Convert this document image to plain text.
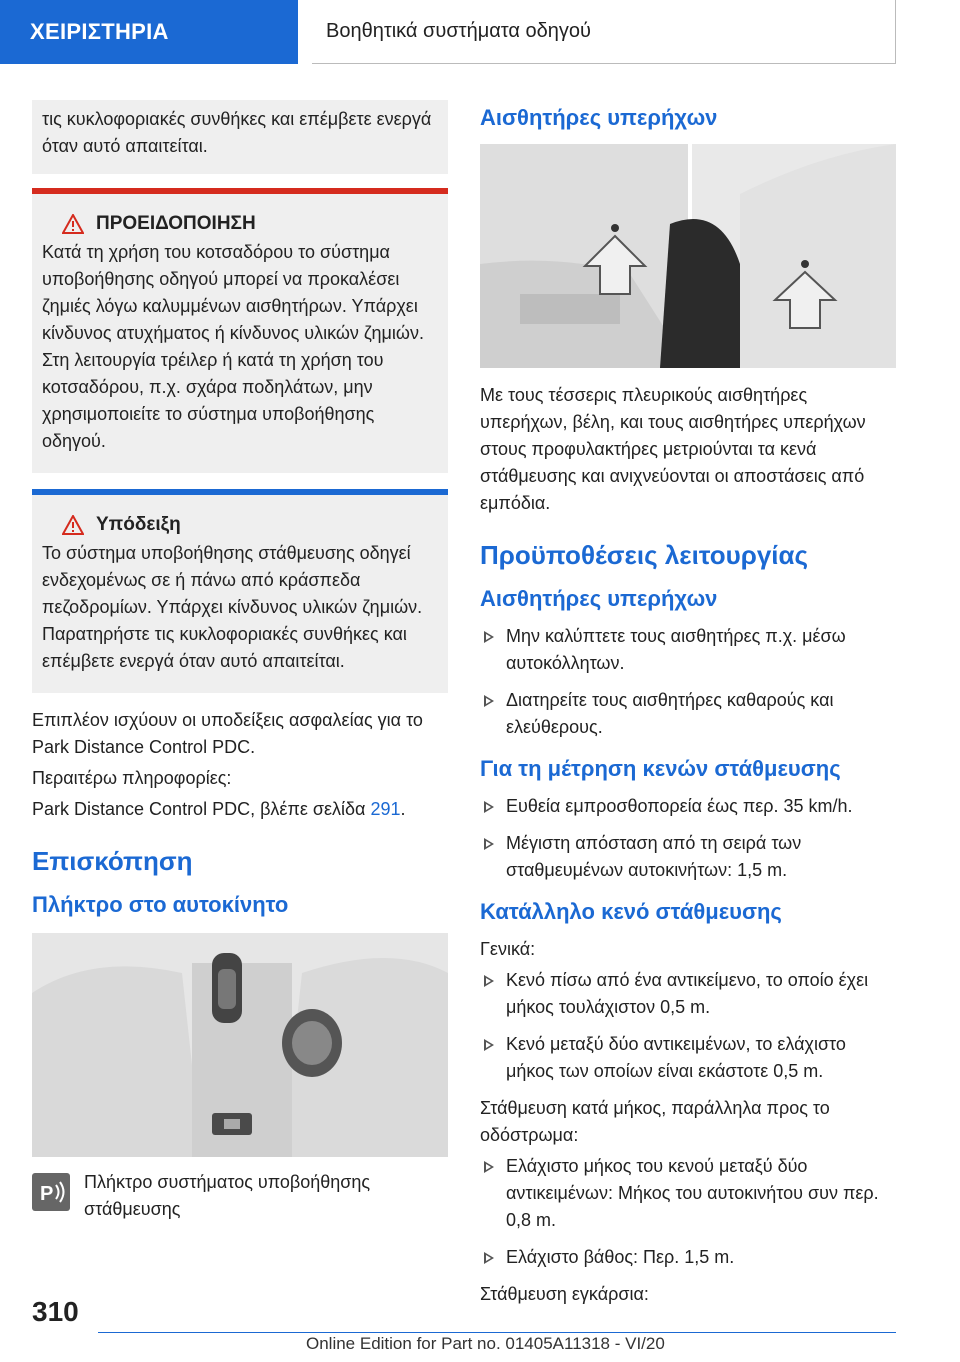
ΧΕΙΡΙΣΤΗΡΙΑ	Βοηθητικά συστήματα οδηγού

τις κυκλοφοριακές συνθήκες και επέμβετε ενεργά όταν αυτό απαιτείται.

ΠΡΟΕΙΔΟΠΟΙΗΣΗ

Κατά τη χρήση του κοτσαδόρου το σύστημα υποβοήθησης οδηγού μπορεί να προκαλέσει ζημιές λόγω καλυμμένων αισθητήρων. Υπάρχει κίνδυνος ατυχήματος ή κίνδυνος υλικών ζημιών. Στη λειτουργία τρέιλερ ή κατά τη χρήση του κοτσαδόρου, π.χ. σχάρα ποδηλάτων, μην χρησιμοποιείτε το σύστημα υποβοήθησης οδηγού.

Υπόδειξη

Το σύστημα υποβοήθησης στάθμευσης οδηγεί ενδεχομένως σε ή πάνω από κράσπεδα πεζοδρομίων. Υπάρχει κίνδυνος υλικών ζημιών. Παρατηρήστε τις κυκλοφοριακές συνθήκες και επέμβετε ενεργά όταν αυτό απαιτείται.

Επιπλέον ισχύουν οι υποδείξεις ασφαλείας για το Park Distance Control PDC.

Περαιτέρω πληροφορίες:

Park Distance Control PDC, βλέπε σελίδα 291.

Επισκόπηση
Πλήκτρο στο αυτοκίνητο
P

Πλήκτρο συστήματος υποβοήθησης στάθμευσης

Αισθητήρες υπερήχων

Με τους τέσσερις πλευρικούς αισθητήρες υπερήχων, βέλη, και τους αισθητήρες υπερήχων στους προφυλακτήρες μετριούνται τα κενά στάθμευσης και ανιχνεύονται οι αποστάσεις από εμπόδια.

Προϋποθέσεις λειτουργίας
Αισθητήρες υπερήχων
Μην καλύπτετε τους αισθητήρες π.χ. μέσω αυτοκόλλητων.
Διατηρείτε τους αισθητήρες καθαρούς και ελεύθερους.
Για τη μέτρηση κενών στάθμευσης
Ευθεία εμπροσθοπορεία έως περ. 35 km/h.
Μέγιστη απόσταση από τη σειρά των σταθμευμένων αυτοκινήτων: 1,5 m.
Κατάλληλο κενό στάθμευσης

Γενικά:

Κενό πίσω από ένα αντικείμενο, το οποίο έχει μήκος τουλάχιστον 0,5 m.
Κενό μεταξύ δύο αντικειμένων, το ελάχιστο μήκος των οποίων είναι εκάστοτε 0,5 m.

Στάθμευση κατά μήκος, παράλληλα προς το οδόστρωμα:

Ελάχιστο μήκος του κενού μεταξύ δύο αντικειμένων: Μήκος του αυτοκινήτου συν περ. 0,8 m.
Ελάχιστο βάθος: Περ. 1,5 m.

Στάθμευση εγκάρσια:

310
Online Edition for Part no. 01405A11318 - VI/20
